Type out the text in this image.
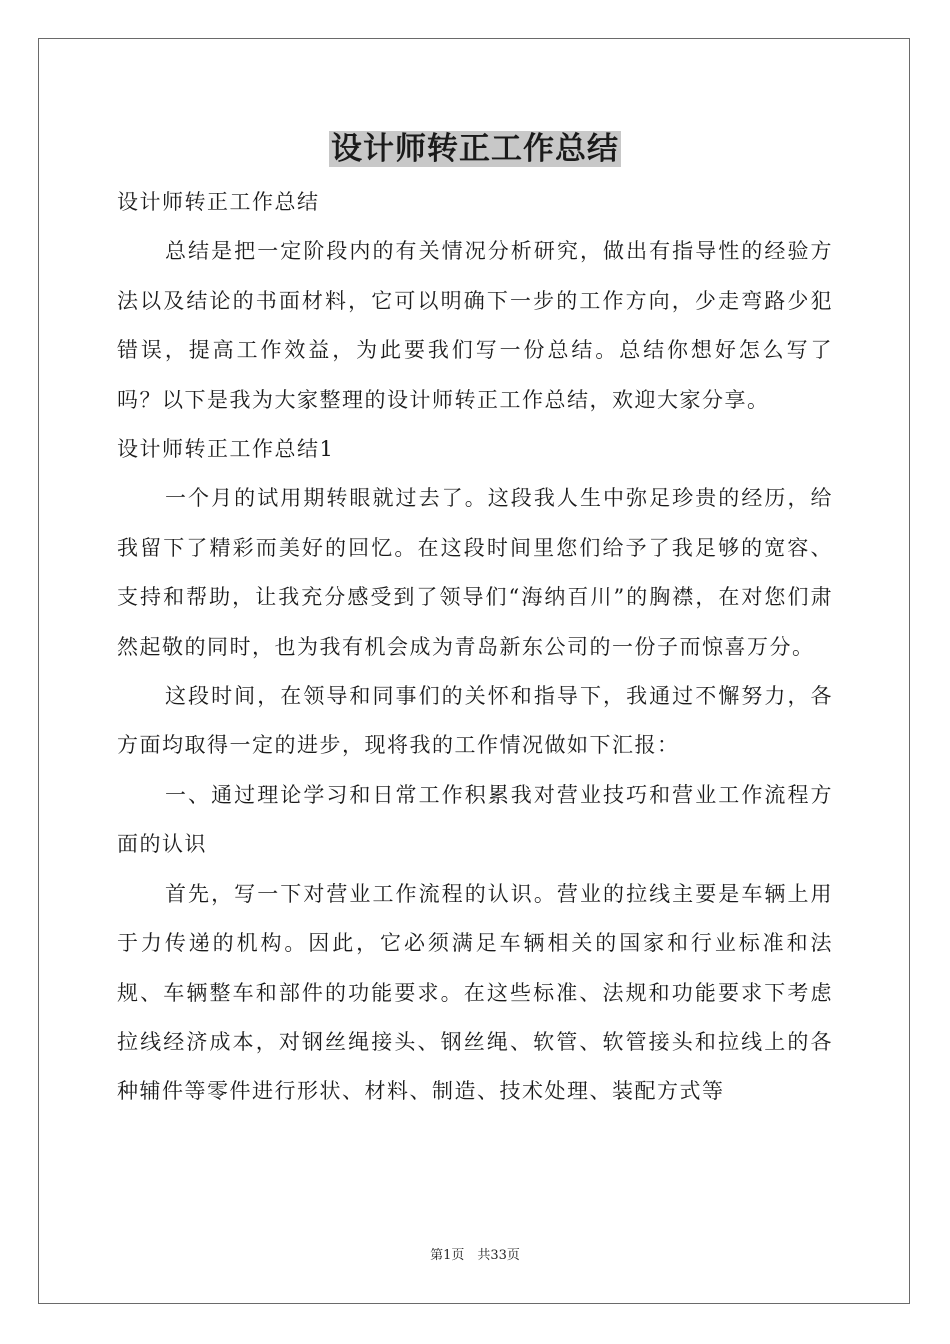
设计师转正工作总结

设计师转正工作总结

总结是把一定阶段内的有关情况分析研究，做出有指导性的经验方法以及结论的书面材料，它可以明确下一步的工作方向，少走弯路少犯错误，提高工作效益，为此要我们写一份总结。总结你想好怎么写了吗？以下是我为大家整理的设计师转正工作总结，欢迎大家分享。

设计师转正工作总结1

一个月的试用期转眼就过去了。这段我人生中弥足珍贵的经历，给我留下了精彩而美好的回忆。在这段时间里您们给予了我足够的宽容、支持和帮助，让我充分感受到了领导们“海纳百川”的胸襟，在对您们肃然起敬的同时，也为我有机会成为青岛新东公司的一份子而惊喜万分。

这段时间，在领导和同事们的关怀和指导下，我通过不懈努力，各方面均取得一定的进步，现将我的工作情况做如下汇报：

一、通过理论学习和日常工作积累我对营业技巧和营业工作流程方面的认识

首先，写一下对营业工作流程的认识。营业的拉线主要是车辆上用于力传递的机构。因此，它必须满足车辆相关的国家和行业标准和法规、车辆整车和部件的功能要求。在这些标准、法规和功能要求下考虑拉线经济成本，对钢丝绳接头、钢丝绳、软管、软管接头和拉线上的各种辅件等零件进行形状、材料、制造、技术处理、装配方式等

第1页　共33页
